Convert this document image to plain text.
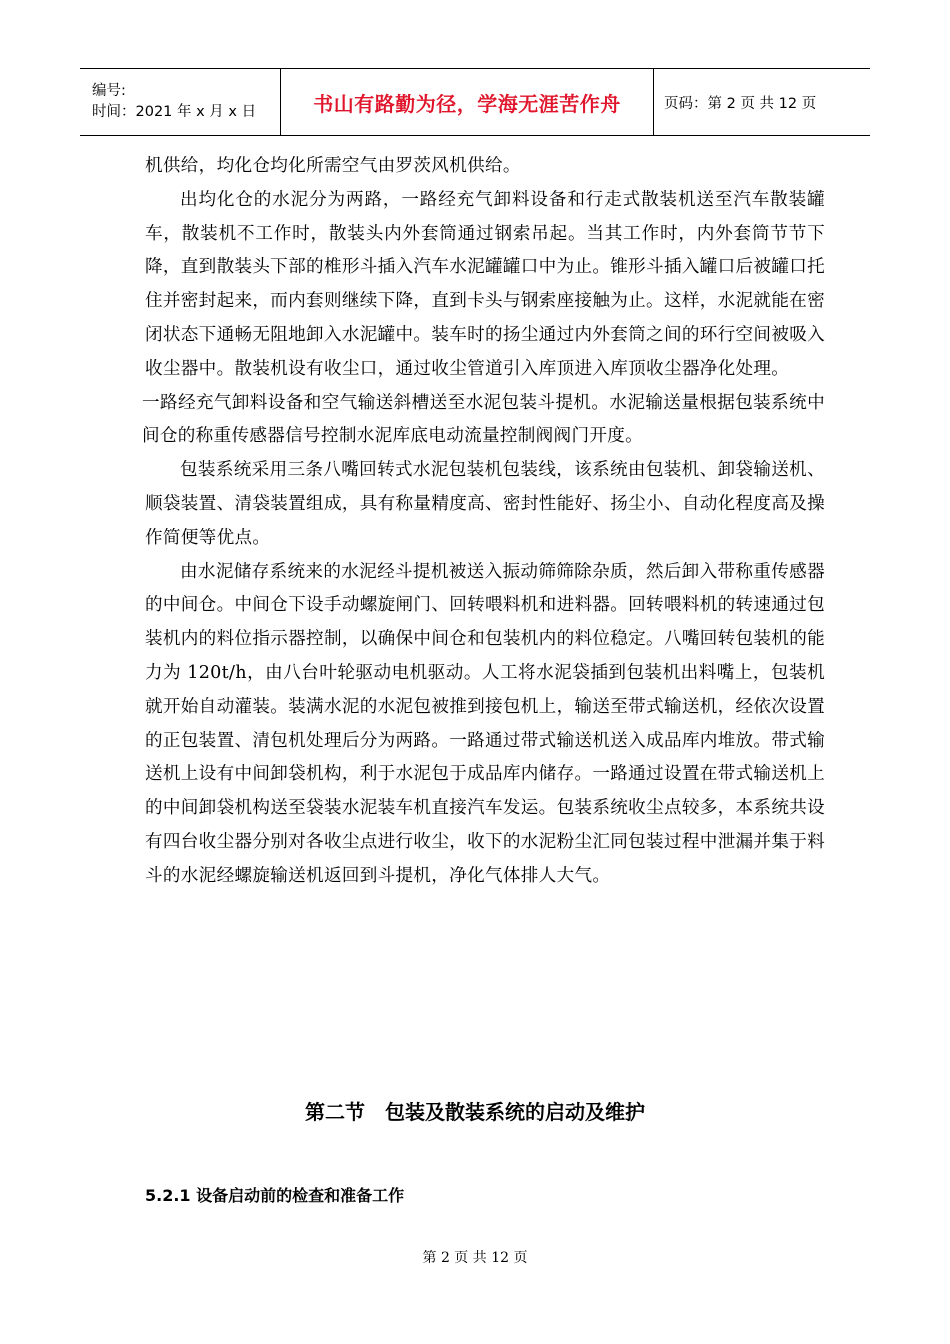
编号:
时间：2021 年 x 月 x 日	书山有路勤为径，学海无涯苦作舟	页码：第 2 页 共 12 页

机供给，均化仓均化所需空气由罗茨风机供给。

出均化仓的水泥分为两路，一路经充气卸料设备和行走式散装机送至汽车散装罐车，散装机不工作时，散装头内外套筒通过钢索吊起。当其工作时，内外套筒节节下降，直到散装头下部的椎形斗插入汽车水泥罐罐口中为止。锥形斗插入罐口后被罐口托住并密封起来，而内套则继续下降，直到卡头与钢索座接触为止。这样，水泥就能在密闭状态下通畅无阻地卸入水泥罐中。装车时的扬尘通过内外套筒之间的环行空间被吸入收尘器中。散装机设有收尘口，通过收尘管道引入库顶进入库顶收尘器净化处理。

一路经充气卸料设备和空气输送斜槽送至水泥包装斗提机。水泥输送量根据包装系统中间仓的称重传感器信号控制水泥库底电动流量控制阀阀门开度。

包装系统采用三条八嘴回转式水泥包装机包装线，该系统由包装机、卸袋输送机、顺袋装置、清袋装置组成，具有称量精度高、密封性能好、扬尘小、自动化程度高及操作简便等优点。

由水泥储存系统来的水泥经斗提机被送入振动筛筛除杂质，然后卸入带称重传感器的中间仓。中间仓下设手动螺旋闸门、回转喂料机和进料器。回转喂料机的转速通过包装机内的料位指示器控制，以确保中间仓和包装机内的料位稳定。八嘴回转包装机的能力为 120t/h，由八台叶轮驱动电机驱动。人工将水泥袋插到包装机出料嘴上，包装机就开始自动灌装。装满水泥的水泥包被推到接包机上，输送至带式输送机，经依次设置的正包装置、清包机处理后分为两路。一路通过带式输送机送入成品库内堆放。带式输送机上设有中间卸袋机构，利于水泥包于成品库内储存。一路通过设置在带式输送机上的中间卸袋机构送至袋装水泥装车机直接汽车发运。包装系统收尘点较多，本系统共设有四台收尘器分别对各收尘点进行收尘，收下的水泥粉尘汇同包装过程中泄漏并集于料斗的水泥经螺旋输送机返回到斗提机，净化气体排人大气。

第二节　包装及散装系统的启动及维护
5.2.1 设备启动前的检查和准备工作
第 2 页 共 12 页
